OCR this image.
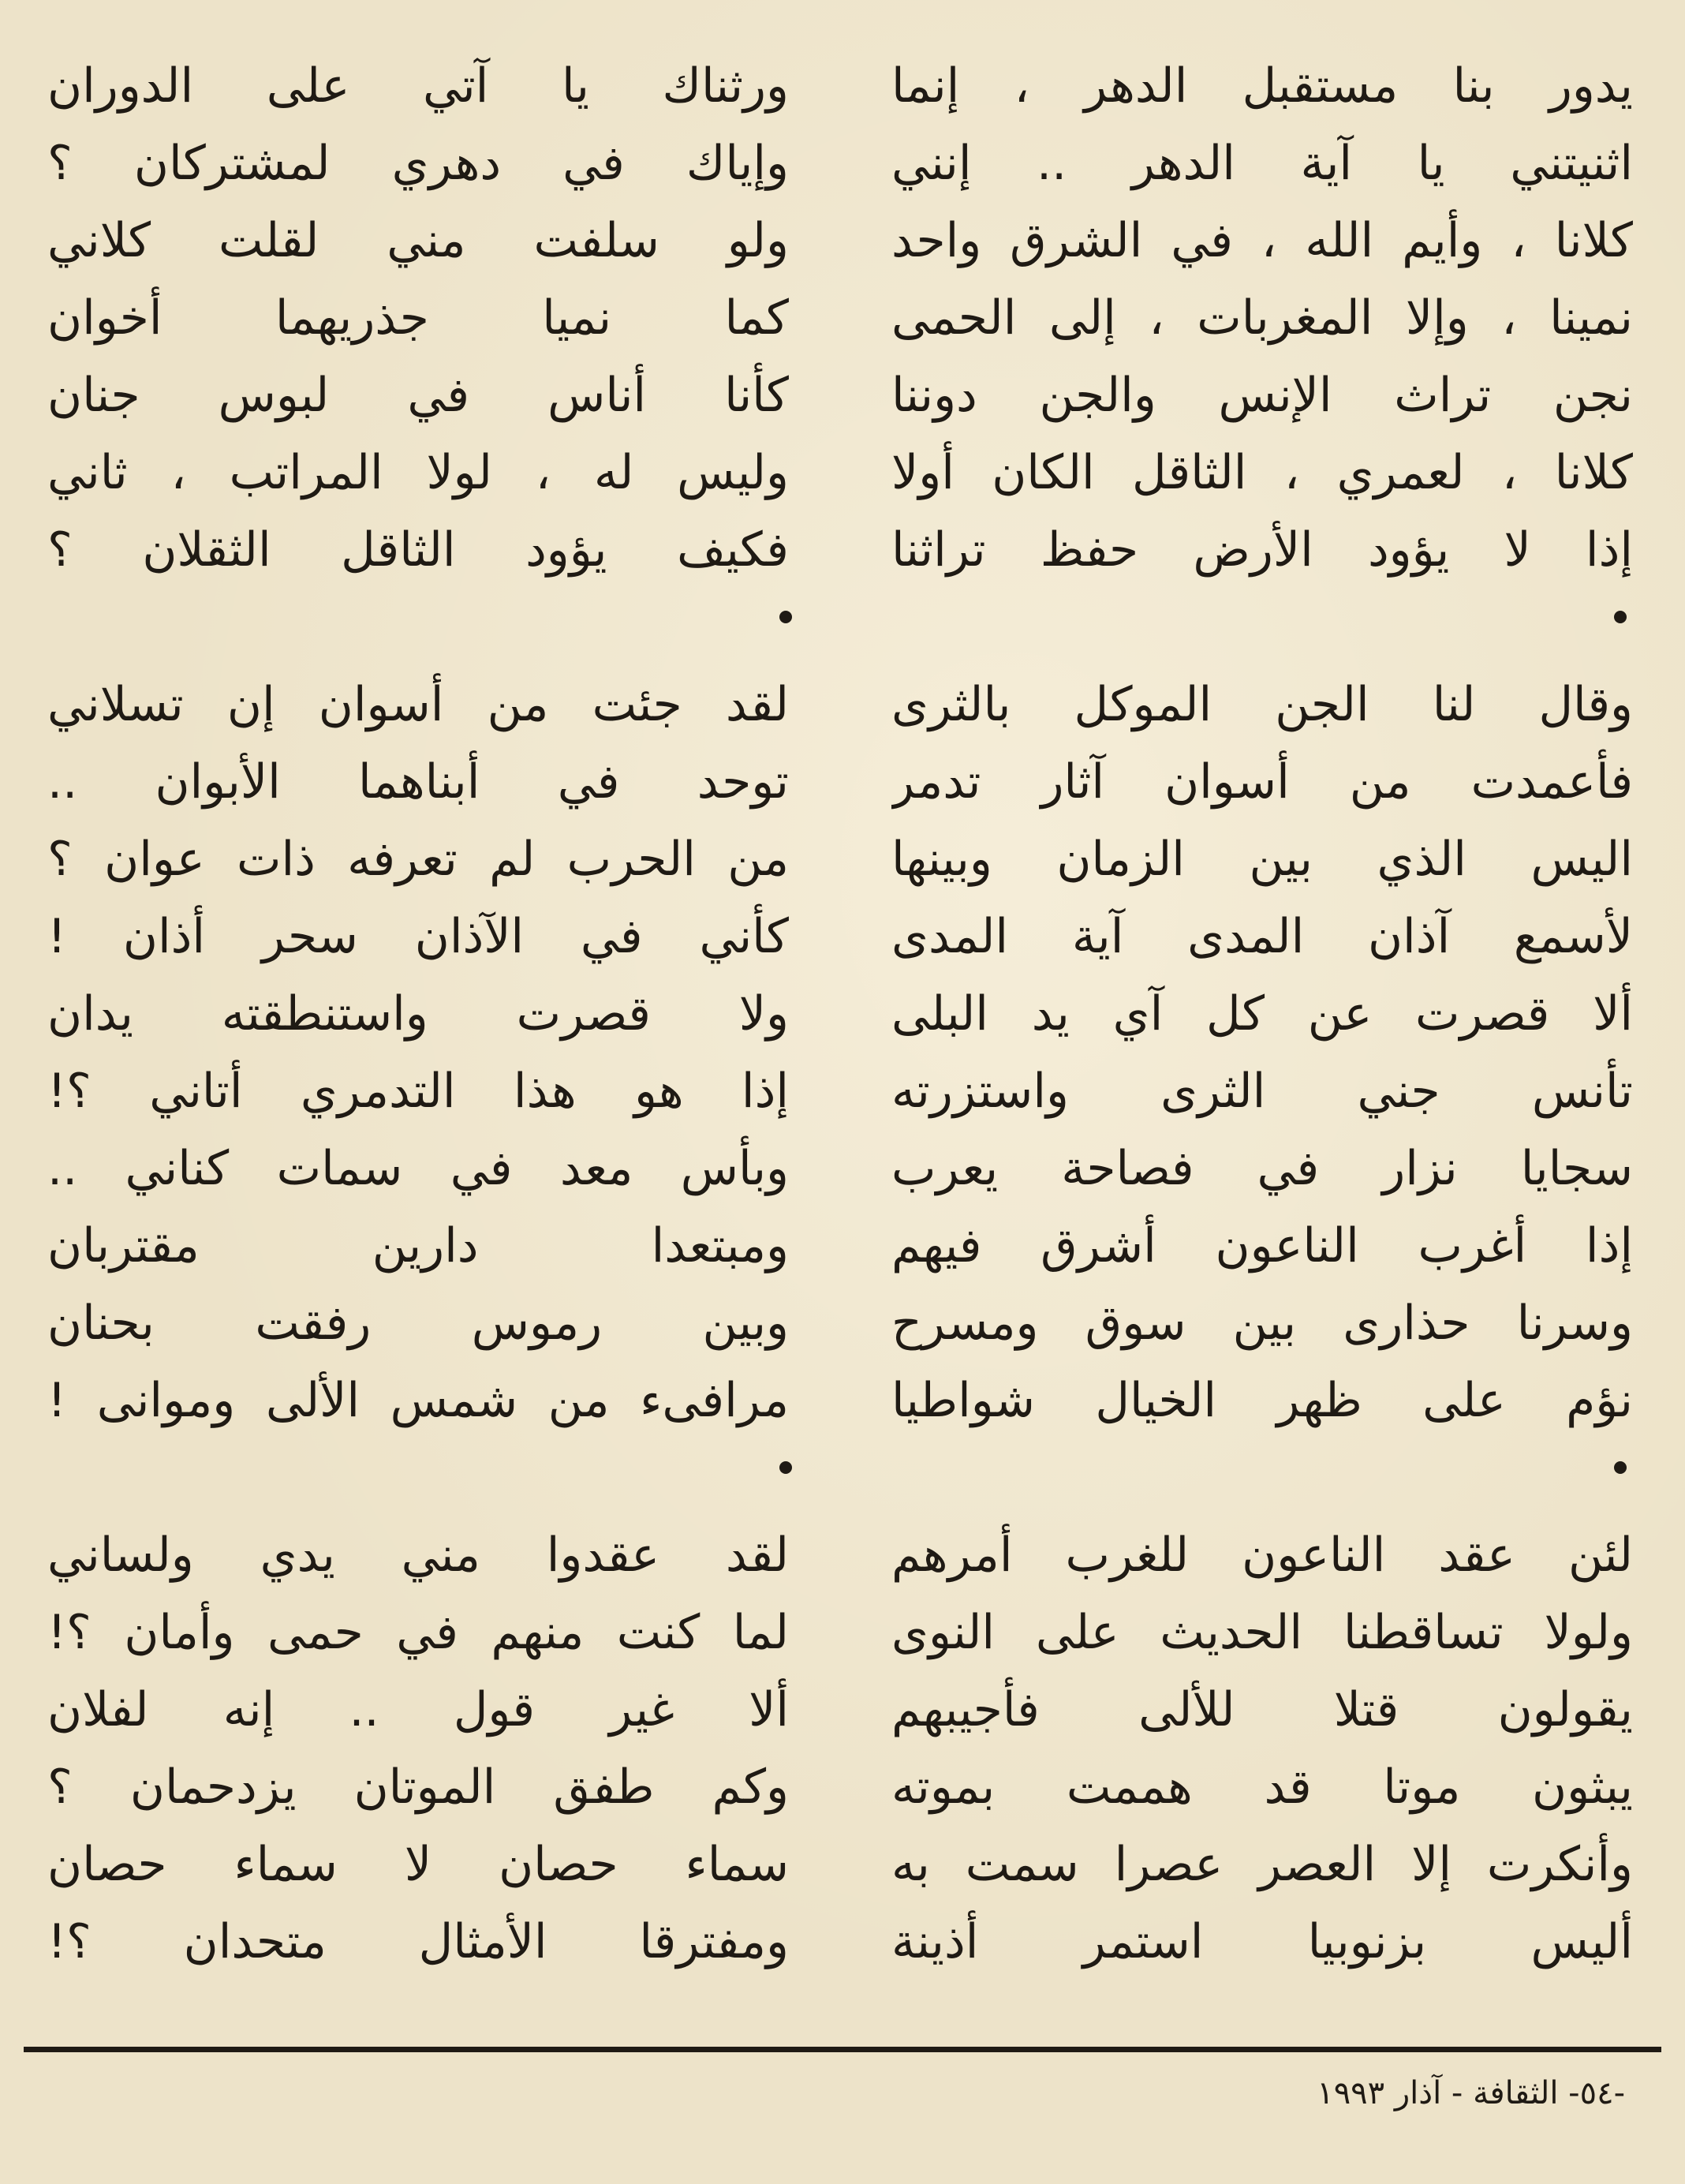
يدور بنا مستقبل الدهر ، إنما
اثنيتني يا آية الدهر .. إنني
كلانا ، وأيم الله ، في الشرق واحد
نمينا ، وإلا المغربات ، إلى الحمى
نجن تراث الإنس والجن دوننا
كلانا ، لعمري ، الثاقل الكان أولا
إذا لا يؤود الأرض حفظ تراثنا
وقال لنا الجن الموكل بالثرى
فأعمدت من أسوان آثار تدمر
اليس الذي بين الزمان وبينها
لأسمع آذان المدى آية المدى
ألا قصرت عن كل آي يد البلى
تأنس جني الثرى واستزرته
سجايا نزار في فصاحة يعرب
إذا أغرب الناعون أشرق فيهم
وسرنا حذارى بين سوق ومسرح
نؤم على ظهر الخيال شواطيا
لئن عقد الناعون للغرب أمرهم
ولولا تساقطنا الحديث على النوى
يقولون قتلا للألى فأجيبهم
يبثون موتا قد هممت بموته
وأنكرت إلا العصر عصرا سمت به
أليس بزنوبيا استمر أذينة
ورثناك يا آتي على الدوران
وإياك في دهري لمشتركان ؟
ولو سلفت مني لقلت كلاني
كما نميا جذريهما أخوان
كأنا أناس في لبوس جنان
وليس له ، لولا المراتب ، ثاني
فكيف يؤود الثاقل الثقلان ؟
لقد جئت من أسوان إن تسلاني
توحد في أبناهما الأبوان ..
من الحرب لم تعرفه ذات عوان ؟
كأني في الآذان سحر أذان !
ولا قصرت واستنطقته يدان
إذا هو هذا التدمري أتاني ؟!
وبأس معد في سمات كناني ..
ومبتعدا دارين مقتربان
وبين رموس رفقت بحنان
مرافىء من شمس الألى وموانى !
لقد عقدوا مني يدي ولساني
لما كنت منهم في حمى وأمان ؟!
ألا غير قول .. إنه لفلان
وكم طفق الموتان يزدحمان ؟
سماء حصان لا سماء حصان
ومفترقا الأمثال متحدان ؟!
-٥٤- الثقافة - آذار ١٩٩٣
